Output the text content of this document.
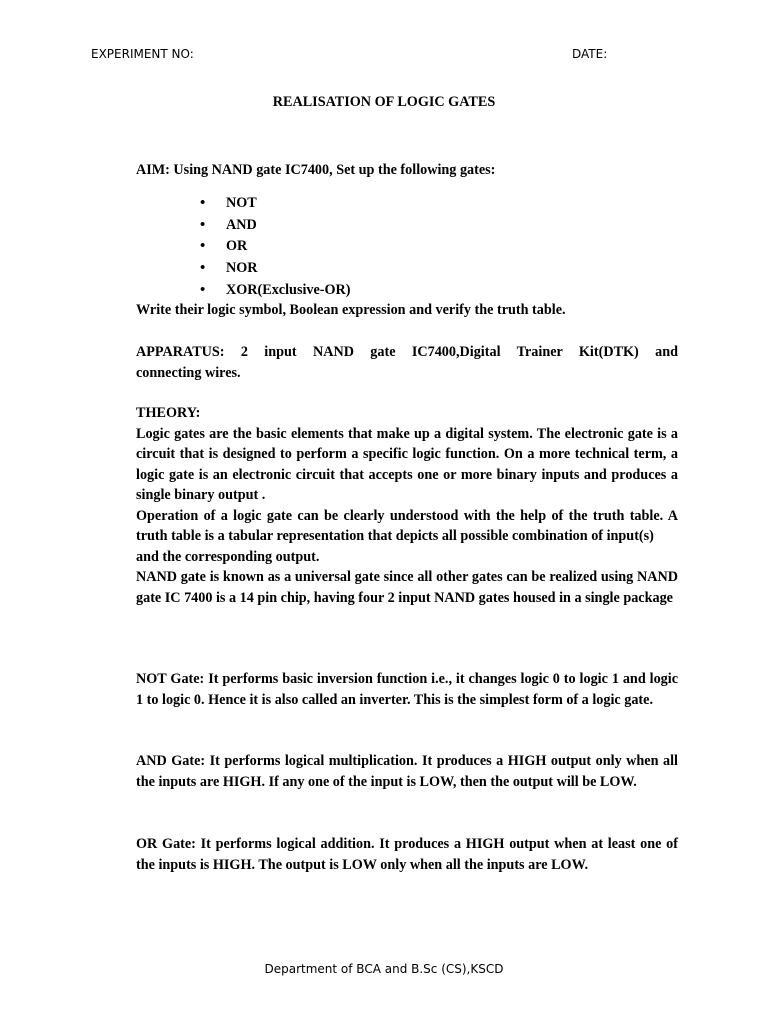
EXPERIMENT NO:	DATE:
REALISATION OF LOGIC GATES
AIM: Using NAND gate IC7400, Set up the following gates:
• NOT
• AND
• OR
• NOR
• XOR(Exclusive-OR)
Write their logic symbol, Boolean expression and verify the truth table.
APPARATUS: 2 input NAND gate IC7400,Digital Trainer Kit(DTK) and
connecting wires.

THEORY:

Logic gates are the basic elements that make up a digital system. The electronic gate is a circuit that is designed to perform a specific logic function. On a more technical term, a logic gate is an electronic circuit that accepts one or more binary inputs and produces a single binary output .

Operation of a logic gate can be clearly understood with the help of the truth table. A truth table is a tabular representation that depicts all possible combination of input(s)

and the corresponding output.

NAND gate is known as a universal gate since all other gates can be realized using NAND gate IC 7400 is a 14 pin chip, having four 2 input NAND gates housed in a single package

NOT Gate: It performs basic inversion function i.e., it changes logic 0 to logic 1 and logic 1 to logic 0. Hence it is also called an inverter. This is the simplest form of a logic gate.
AND Gate: It performs logical multiplication. It produces a HIGH output only when all the inputs are HIGH. If any one of the input is LOW, then the output will be LOW.
OR Gate: It performs logical addition. It produces a HIGH output when at least one of the inputs is HIGH. The output is LOW only when all the inputs are LOW.
Department of BCA and B.Sc (CS),KSCD
